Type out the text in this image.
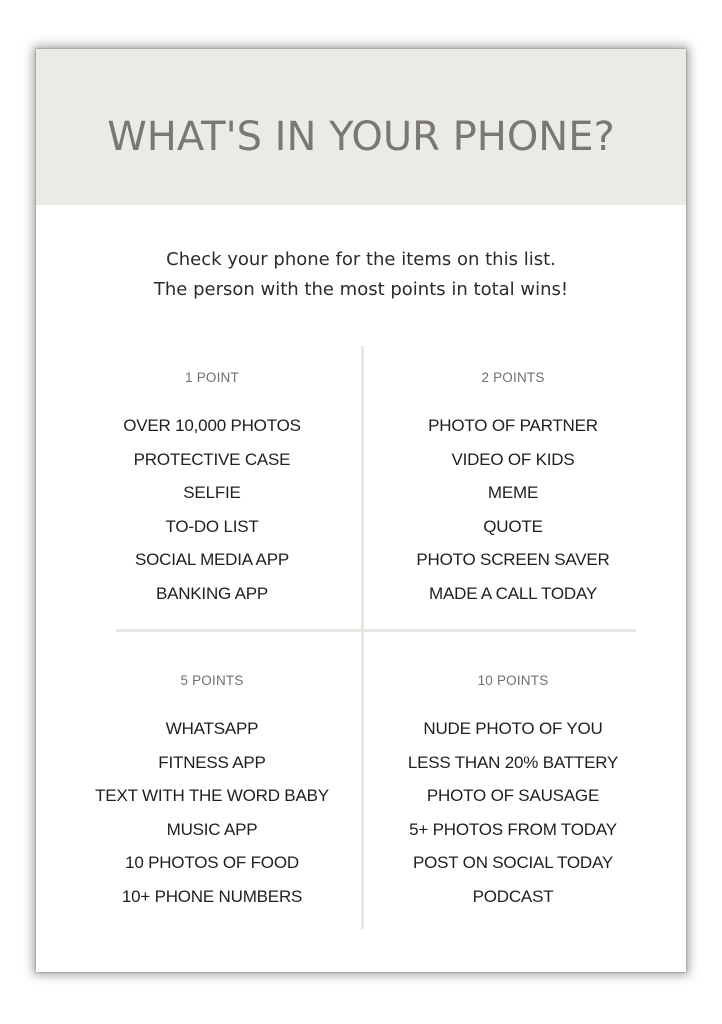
WHAT'S IN YOUR PHONE?
Check your phone for the items on this list.
The person with the most points in total wins!
1 POINT
OVER 10,000 PHOTOS
PROTECTIVE CASE
SELFIE
TO-DO LIST
SOCIAL MEDIA APP
BANKING APP
2 POINTS
PHOTO OF PARTNER
VIDEO OF KIDS
MEME
QUOTE
PHOTO SCREEN SAVER
MADE A CALL TODAY
5 POINTS
WHATSAPP
FITNESS APP
TEXT WITH THE WORD BABY
MUSIC APP
10 PHOTOS OF FOOD
10+ PHONE NUMBERS
10 POINTS
NUDE PHOTO OF YOU
LESS THAN 20% BATTERY
PHOTO OF SAUSAGE
5+ PHOTOS FROM TODAY
POST ON SOCIAL TODAY
PODCAST
